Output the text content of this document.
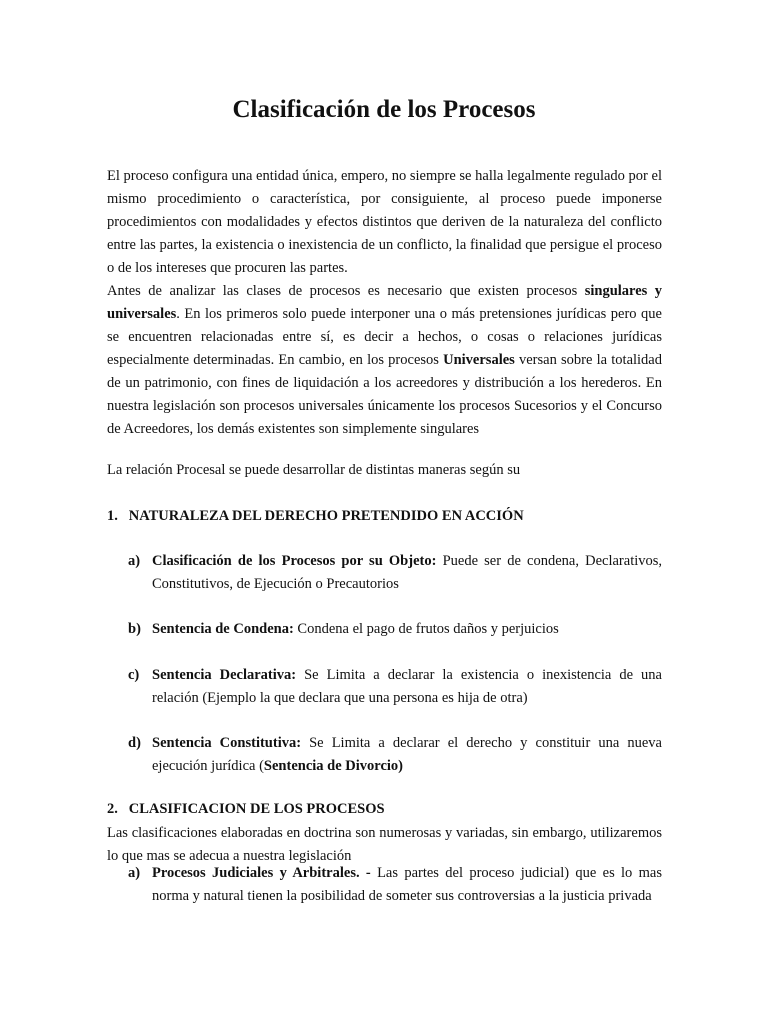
Clasificación de los Procesos

El proceso configura una entidad única, empero, no siempre se halla legalmente regulado por el mismo procedimiento o característica, por consiguiente, al proceso puede imponerse procedimientos con modalidades y efectos distintos que deriven de la naturaleza del conflicto entre las partes, la existencia o inexistencia de un conflicto, la finalidad que persigue el proceso o de los intereses que procuren las partes.

Antes de analizar las clases de procesos es necesario que existen procesos singulares y universales. En los primeros solo puede interponer una o más pretensiones jurídicas pero que se encuentren relacionadas entre sí, es decir a hechos, o cosas o relaciones jurídicas especialmente determinadas. En cambio, en los procesos Universales versan sobre la totalidad de un patrimonio, con fines de liquidación a los acreedores y distribución a los herederos. En nuestra legislación son procesos universales únicamente los procesos Sucesorios y el Concurso de Acreedores, los demás existentes son simplemente singulares

La relación Procesal se puede desarrollar de distintas maneras según su

1. NATURALEZA DEL DERECHO PRETENDIDO EN ACCIÓN

a) Clasificación de los Procesos por su Objeto: Puede ser de condena, Declarativos, Constitutivos, de Ejecución o Precautorios
b) Sentencia de Condena: Condena el pago de frutos daños y perjuicios
c) Sentencia Declarativa: Se Limita a declarar la existencia o inexistencia de una relación (Ejemplo la que declara que una persona es hija de otra)
d) Sentencia Constitutiva: Se Limita a declarar el derecho y constituir una nueva ejecución jurídica (Sentencia de Divorcio)

2. CLASIFICACION DE LOS PROCESOS

Las clasificaciones elaboradas en doctrina son numerosas y variadas, sin embargo, utilizaremos lo que mas se adecua a nuestra legislación

a) Procesos Judiciales y Arbitrales. - Las partes del proceso judicial) que es lo mas norma y natural tienen la posibilidad de someter sus controversias a la justicia privada
